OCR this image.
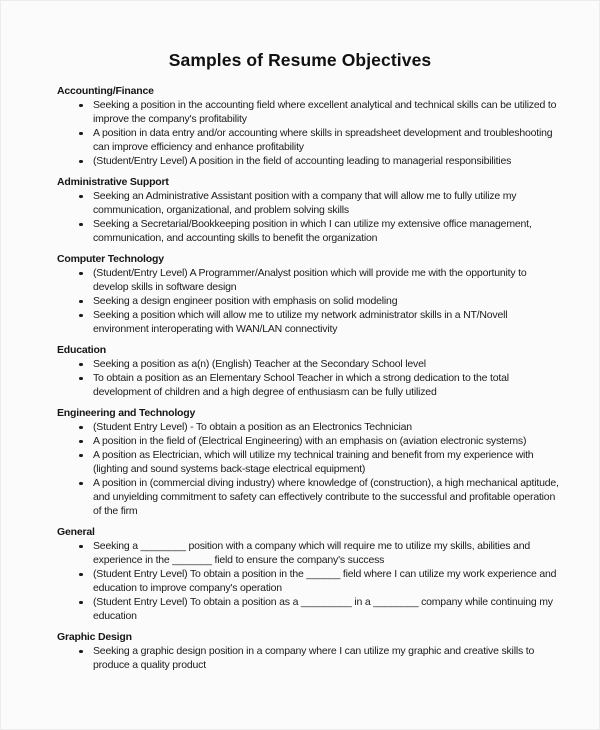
Samples of Resume Objectives
Accounting/Finance
Seeking a position in the accounting field where excellent analytical and technical skills can be utilized to improve the company's profitability
A position in data entry and/or accounting where skills in spreadsheet development and troubleshooting can improve efficiency and enhance profitability
(Student/Entry Level) A position in the field of accounting leading to managerial responsibilities
Administrative Support
Seeking an Administrative Assistant position with a company that will allow me to fully utilize my communication, organizational, and problem solving skills
Seeking a Secretarial/Bookkeeping position in which I can utilize my extensive office management, communication, and accounting skills to benefit the organization
Computer Technology
(Student/Entry Level) A Programmer/Analyst position which will provide me with the opportunity to develop skills in software design
Seeking a design engineer position with emphasis on solid modeling
Seeking a position which will allow me to utilize my network administrator skills in a NT/Novell environment interoperating with WAN/LAN connectivity
Education
Seeking a position as a(n) (English) Teacher at the Secondary School level
To obtain a position as an Elementary School Teacher in which a strong dedication to the total development of children and a high degree of enthusiasm can be fully utilized
Engineering and Technology
(Student Entry Level) - To obtain a position as an Electronics Technician
A position in the field of (Electrical Engineering) with an emphasis on (aviation electronic systems)
A position as Electrician, which will utilize my technical training and benefit from my experience with (lighting and sound systems back-stage electrical equipment)
A position in (commercial diving industry) where knowledge of (construction), a high mechanical aptitude, and unyielding commitment to safety can effectively contribute to the successful and profitable operation of the firm
General
Seeking a ________ position with a company which will require me to utilize my skills, abilities and experience in the _______ field to ensure the company's success
(Student Entry Level) To obtain a position in the ______ field where I can utilize my work experience and education to improve company's operation
(Student Entry Level) To obtain a position as a _________ in a ________ company while continuing my education
Graphic Design
Seeking a graphic design position in a company where I can utilize my graphic and creative skills to produce a quality product
